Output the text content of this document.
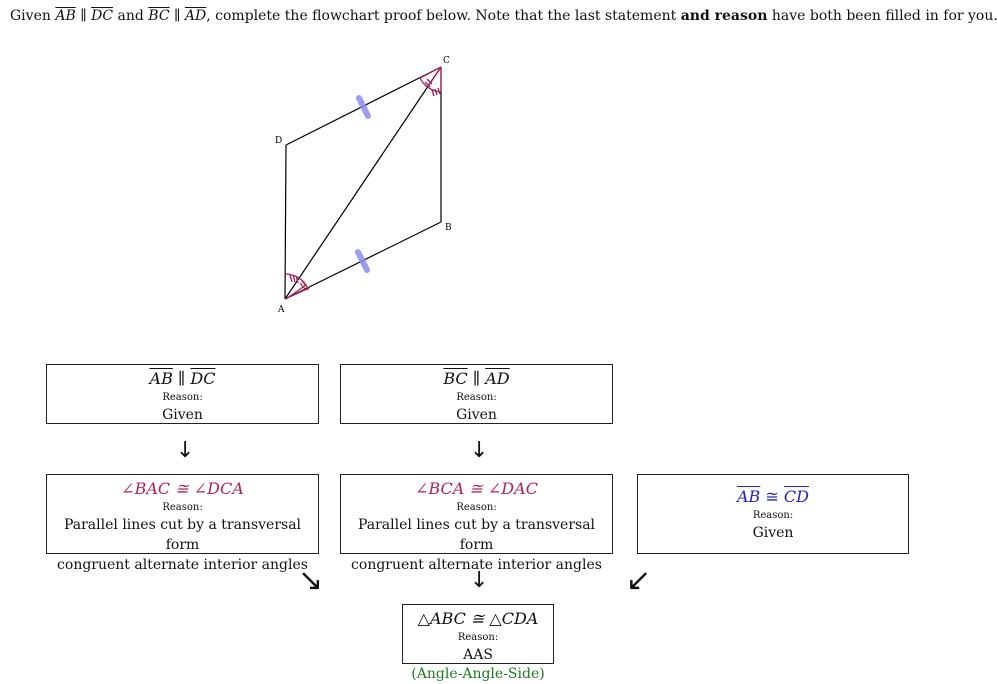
Given $\overline{AB}$ ∥ $\overline{DC}$ and $\overline{BC}$ ∥ $\overline{AD}$, complete the flowchart proof below. Note that the last statement and reason have both been filled in for you.
A
B
C
D
$\overline{AB}$ ∥ $\overline{DC}$
Reason:
Given
$\overline{BC}$ ∥ $\overline{AD}$
Reason:
Given
↓	↓
∠BAC ≅ ∠DCA
Reason:
Parallel lines cut by a transversal form
congruent alternate interior angles
∠BCA ≅ ∠DAC
Reason:
Parallel lines cut by a transversal form
congruent alternate interior angles
$\overline{AB}$ ≅ $\overline{CD}$
Reason:
Given
↘	↓	↙
△ABC ≅ △CDA
Reason:
AAS
(Angle-Angle-Side)
